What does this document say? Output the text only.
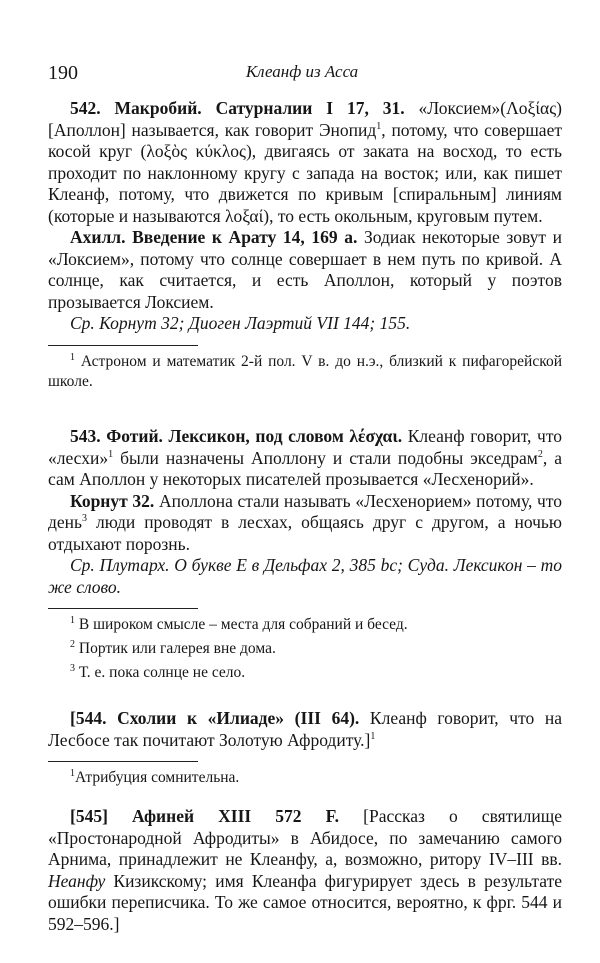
190	Клеанф из Асса

542. Макробий. Сатурналии I 17, 31. «Локсием»(Λοξίας) [Аполлон] называется, как говорит Энопид$^1$, потому, что совершает косой круг (λοξὸς κύκλος), двигаясь от заката на восход, то есть проходит по наклонному кругу с запада на восток; или, как пишет Клеанф, потому, что движется по кривым [спиральным] линиям (которые и называются λοξαί), то есть окольным, круговым путем.

Ахилл. Введение к Арату 14, 169 а. Зодиак некоторые зовут и «Локсием», потому что солнце совершает в нем путь по кривой. А солнце, как считается, и есть Аполлон, который у поэтов прозывается Локсием.

Ср. Корнут 32; Диоген Лаэртий VII 144; 155.

$^1$ Астроном и математик 2-й пол. V в. до н.э., близкий к пифагорейской школе.

543. Фотий. Лексикон, под словом λέσχαι. Клеанф говорит, что «лесхи»$^1$ были назначены Аполлону и стали подобны экседрам$^2$, а сам Аполлон у некоторых писателей прозывается «Лесхенорий».

Корнут 32. Аполлона стали называть «Лесхенорием» потому, что день$^3$ люди проводят в лесхах, общаясь друг с другом, а ночью отдыхают порознь.

Ср. Плутарх. О букве Е в Дельфах 2, 385 bc; Суда. Лексикон – то же слово.

$^1$ В широком смысле – места для собраний и бесед.

$^2$ Портик или галерея вне дома.

$^3$ Т. е. пока солнце не село.

[544. Схолии к «Илиаде» (III 64). Клеанф говорит, что на Лесбосе так почитают Золотую Афродиту.]$^1$

$^1$Атрибуция сомнительна.

[545] Афиней XIII 572 F. [Рассказ о святилище «Простонародной Афродиты» в Абидосе, по замечанию самого Арнима, принадлежит не Клеанфу, а, возможно, ритору IV–III вв. Неанфу Кизикскому; имя Клеанфа фигурирует здесь в результате ошибки переписчика. То же самое относится, вероятно, к фрг. 544 и 592–596.]
